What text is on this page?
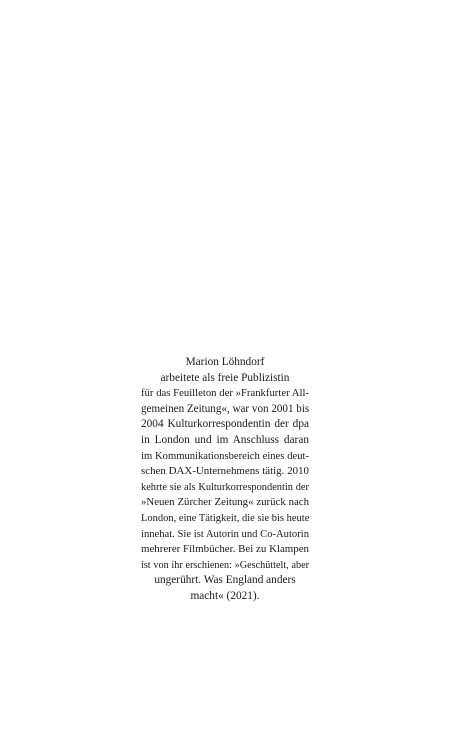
Marion Löhndorf
arbeitete als freie Publizistin
für das Feuilleton der »Frankfurter All-
gemeinen Zeitung«, war von 2001 bis
2004 Kulturkorrespondentin der dpa
in London und im Anschluss daran
im Kommunikationsbereich eines deut-
schen DAX-Unternehmens tätig. 2010
kehrte sie als Kulturkorrespondentin der
»Neuen Zürcher Zeitung« zurück nach
London, eine Tätigkeit, die sie bis heute
innehat. Sie ist Autorin und Co-Autorin
mehrerer Filmbücher. Bei zu Klampen
ist von ihr erschienen: »Geschüttelt, aber
ungerührt. Was England anders
macht« (2021).
